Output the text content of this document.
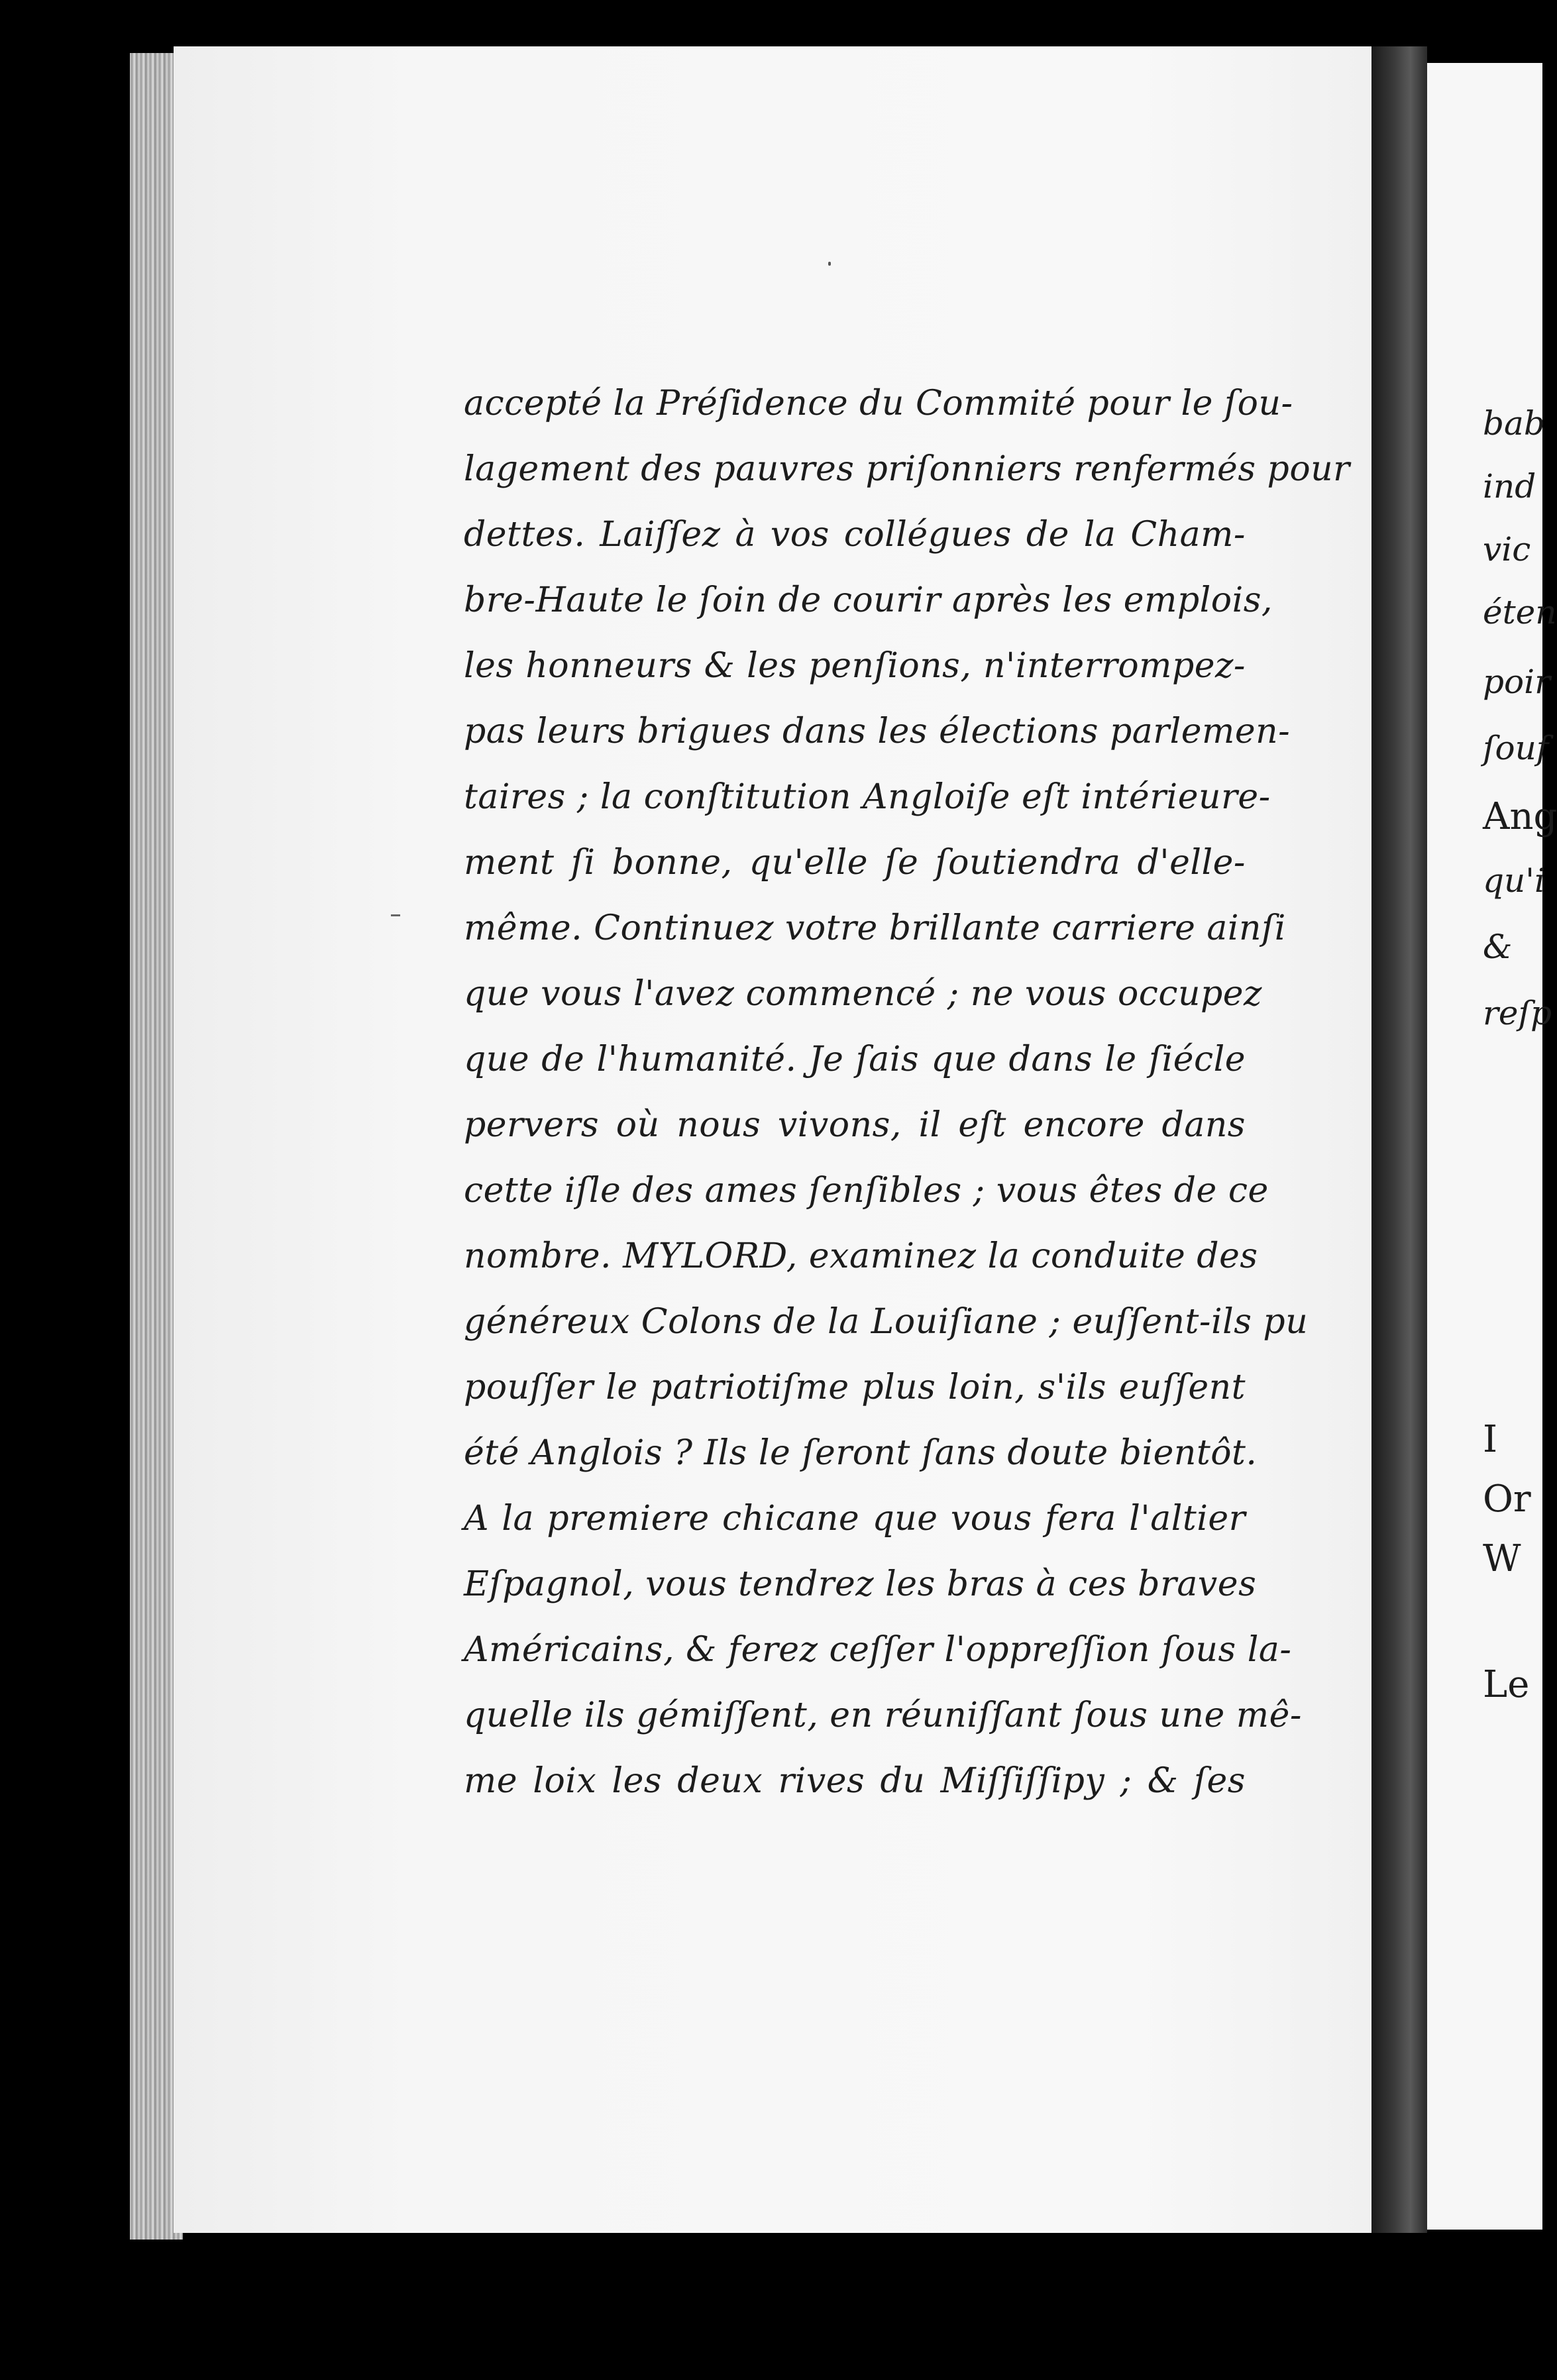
accepté la Préſidence du Commité pour le ſou-
lagement des pauvres priſonniers renfermés pour
dettes. Laiſſez à vos collégues de la Cham-
bre-Haute le ſoin de courir après les emplois,
les honneurs & les penſions, n'interrompez-
pas leurs brigues dans les élections parlemen-
taires ; la conſtitution Angloiſe eſt intérieure-
ment ſi bonne, qu'elle ſe ſoutiendra d'elle-
même. Continuez votre brillante carriere ainſi
que vous l'avez commencé ; ne vous occupez
que de l'humanité. Je ſais que dans le ſiécle
pervers où nous vivons, il eſt encore dans
cette iſle des ames ſenſibles ; vous êtes de ce
nombre. MYLORD, examinez la conduite des
généreux Colons de la Louiſiane ; euſſent-ils pu
pouſſer le patriotiſme plus loin, s'ils euſſent
été Anglois ? Ils le ſeront ſans doute bientôt.
A la premiere chicane que vous fera l'altier
Eſpagnol, vous tendrez les bras à ces braves
Américains, & ferez ceſſer l'oppreſſion ſous la-
quelle ils gémiſſent, en réuniſſant ſous une mê-
me loix les deux rives du Miſſiſſipy ; & ſes
bab
ind
vic
éten
poir
ſouf
Ang
qu'i
&
reſp
I
Or
W
Le
